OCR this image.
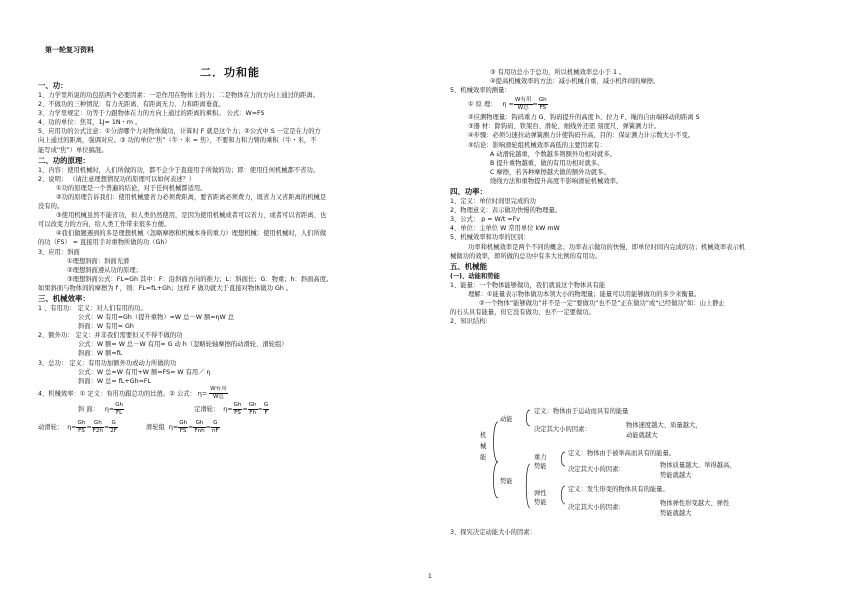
第一轮复习资料
二．功和能
一、功：
1、力学里所说的功包括两个必要因素：一是作用在物体上的力；二是物体在力的方向上通过的距离。
2、不做功的三种情况：有力无距离、有距离无力、力和距离垂直。
3、力学里规定：功等于力跟物体在力的方向上通过的距离的乘积。 公式：W=FS
4、功的单位：焦耳，1J= 1N・m 。
5、应用功的公式注意：①分清哪个力对物体做功，计算时 F 就是这个力；②公式中 S 一定是在力的方
向上通过的距离，强调对应。③ 功的单位“焦”（牛・米 = 焦），不要和力和力臂的乘积（牛・米，不
能写成“焦”）单位搞混。
二、功的原理：
1、内容：使用机械时，人们所做的功，都不会少于直接用手所做的功；即：使用任何机械都不省功。
2、说明： （请注意理想情况功的原理可以如何表述？）
①功的原理是一个普遍的结论，对于任何机械都适用。
②功的原理告诉我们：使用机械要省力必须费距离，要省距离必须费力，既省力又省距离的机械是
没有的。
③使用机械虽然不能省功，但人类仍然使用，是因为使用机械或者可以省力、或者可以省距离、也
可以改变力的方向，给人类工作带来很多方便。
④我们做题遇到的多是理想机械（忽略摩擦和机械本身的重力）理想机械：使用机械时，人们所做
的功（FS） = 直接用手对重物所做的功（Gh）
3、应用：斜面
①理想斜面：斜面光滑
②理想斜面遵从功的原理；
③理想斜面公式：FL=Gh 其中：F：沿斜面方向的推力；L：斜面长；G：物重；h：斜面高度。
如果斜面与物体间的摩擦为 f ，则：FL=fL+Gh；这样 F 做功就大于直接对物体做功 Gh 。
三、机械效率：
1 、有用功： 定义：对人们有用的功。
公式：W 有用=Gh（提升重物）=W 总－W 额=ηW 总
斜面：W 有用= Gh
2、额外功： 定义：并非我们需要但又不得不做的功
公式：W 额= W 总－W 有用= G 动 h（忽略轮轴摩擦的动滑轮、滑轮组）
斜面：W 额=fL
3、总功： 定义：有用功加额外功或动力所做的功
公式：W 总=W 有用+W 额=FS= W 有用／ η
斜面：W 总= fL+Gh=FL
4、机械效率：① 定义：有用功跟总功的比值。② 公式： $\eta= \frac{\text{W有用}}{\text{W总}}$
斜 面： $\eta= \frac{Gh}{FL}$	定滑轮： $\eta= \frac{Gh}{FS} = \frac{Gh}{Fh} = \frac{G}{F}$
动滑轮： $\eta= \frac{Gh}{FS} = \frac{Gh}{F2h} = \frac{G}{2F}$	滑轮组 $\eta= \frac{Gh}{FS} = \frac{Gh}{\text{Fnh}} = \frac{G}{nF}$
③ 有用功总小于总功，所以机械效率总小于 1 。
④提高机械效率的方法：减小机械自重、减小机件间的摩擦。
5、机械效率的测量：
① 原 理： $\eta = \frac{\text{W有用}}{\text{W总}} = \frac{Gh}{FS}$
②应测物理量：钩码重力 G、钩码提升的高度 h、拉力 F、绳的自由端移动的距离 S
③器 材：除钩码、铁架台、滑轮、细线外还需 刻度尺、弹簧测力计。
④步骤：必须匀速拉动弹簧测力计使钩码升高，目的：保证测力计示数大小不变。
⑤结论：影响滑轮组机械效率高低的主要因素有：
A 动滑轮越重，个数越多则额外功相对就多。
B 提升重物越重，做的有用功相对就多。
C 摩擦，若各种摩擦越大做的额外功就多。
绕线方法和重物提升高度不影响滑轮机械效率。
四、功率：
1、定义：单位时间里完成的功
2、物理意义：表示做功快慢的物理量。
3、公式： p = W/t =Fv
4、单位：主单位 W 常用单位 kW mW
5、机械效率和功率的区别：
功率和机械效率是两个不同的概念。功率表示做功的快慢，即单位时间内完成的功；机械效率表示机
械做功的效率，即所做的总功中有多大比例的有用功。
五、机械能
(一)、动能和势能
1、能量：一个物体能够做功，我们就说这个物体具有能
理解：①能量表示物体做功本领大小的物理量；能量可以用能够做功的多少来衡量。
②一个物体“能够做功”并不是一定“要做功”也不是“正在做功”或“已经做功”如：山上静止
的石头具有能量，但它没有做功，也不一定要做功。
2、知识结构:
机械能
动能
定义：物体由于运动而具有的能量
决定其大小的因素：
物体速度越大、质量越大，
动能就越大
势能
重力
势能
定义：物体由于被举高而具有的能量。
决定其大小的因素：
物体质量越大、举得越高，
势能就越大
弹性
势能
定义：发生形变的物体具有的能量。
决定其大小的因素：
物体弹性形变越大、弹性
势能就越大
3、探究决定动能大小的因素：
1
